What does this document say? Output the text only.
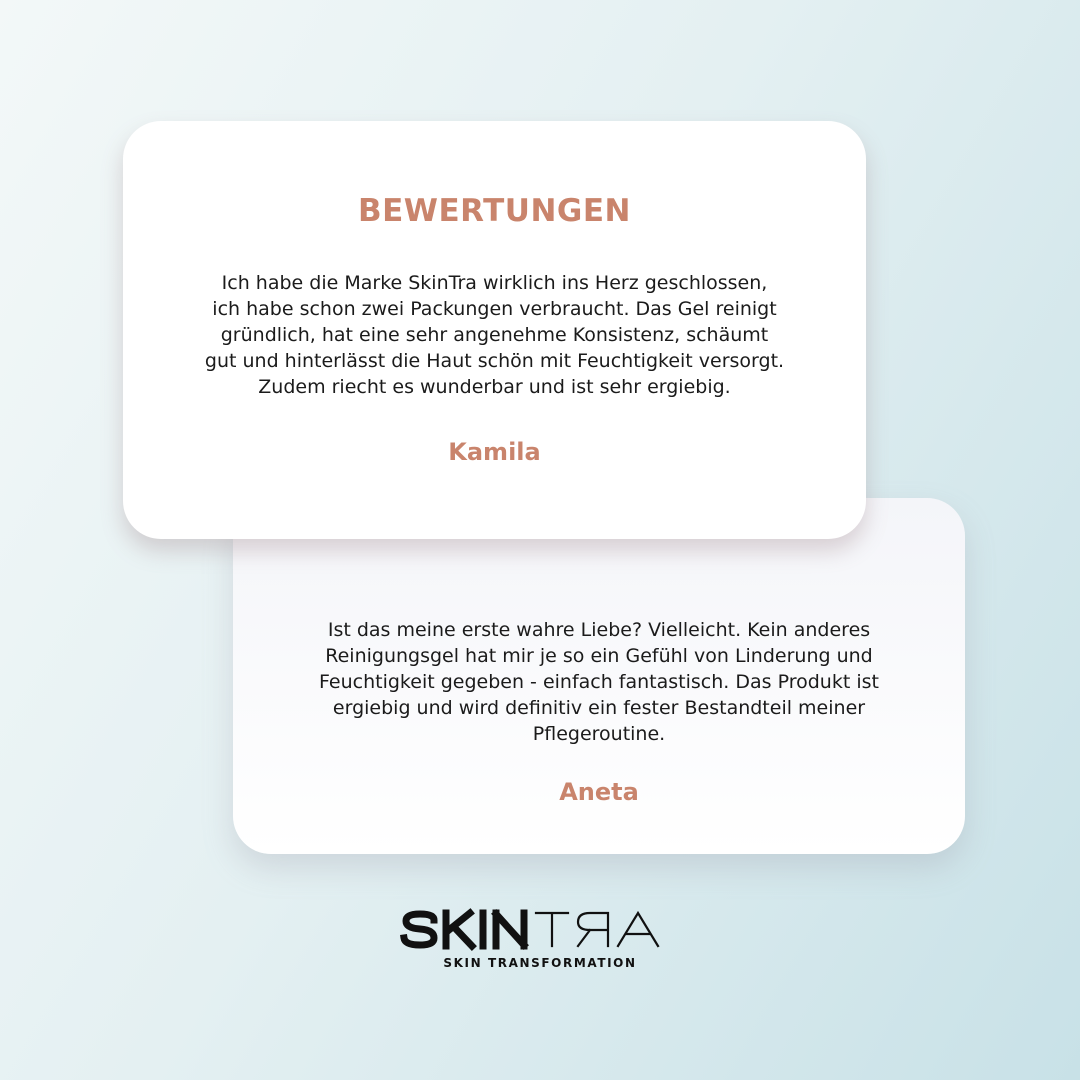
BEWERTUNGEN

Ich habe die Marke SkinTra wirklich ins Herz geschlossen,
ich habe schon zwei Packungen verbraucht. Das Gel reinigt
gründlich, hat eine sehr angenehme Konsistenz, schäumt
gut und hinterlässt die Haut schön mit Feuchtigkeit versorgt.
Zudem riecht es wunderbar und ist sehr ergiebig.

Kamila

Ist das meine erste wahre Liebe? Vielleicht. Kein anderes
Reinigungsgel hat mir je so ein Gefühl von Linderung und
Feuchtigkeit gegeben - einfach fantastisch. Das Produkt ist
ergiebig und wird definitiv ein fester Bestandteil meiner
Pflegeroutine.

Aneta

SKIN TRANSFORMATION
